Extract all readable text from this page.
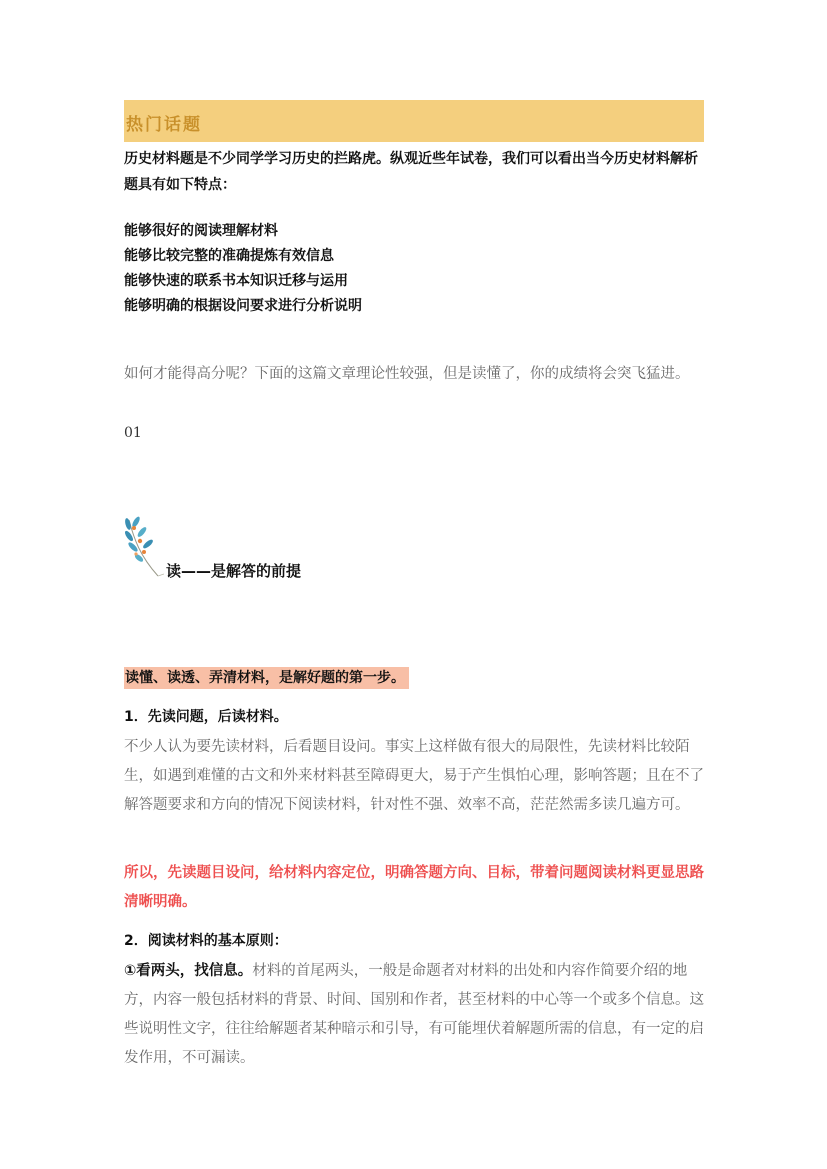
热门话题
历史材料题是不少同学学习历史的拦路虎。纵观近些年试卷，我们可以看出当今历史材料解析题具有如下特点：
能够很好的阅读理解材料
能够比较完整的准确提炼有效信息
能够快速的联系书本知识迁移与运用
能够明确的根据设问要求进行分析说明
如何才能得高分呢？下面的这篇文章理论性较强，但是读懂了，你的成绩将会突飞猛进。
01
读——是解答的前提
读懂、读透、弄清材料，是解好题的第一步。
1．先读问题，后读材料。
不少人认为要先读材料，后看题目设问。事实上这样做有很大的局限性，先读材料比较陌生，如遇到难懂的古文和外来材料甚至障碍更大，易于产生惧怕心理，影响答题；且在不了解答题要求和方向的情况下阅读材料，针对性不强、效率不高，茫茫然需多读几遍方可。
所以，先读题目设问，给材料内容定位，明确答题方向、目标，带着问题阅读材料更显思路清晰明确。
2．阅读材料的基本原则：
①看两头，找信息。材料的首尾两头，一般是命题者对材料的出处和内容作简要介绍的地方，内容一般包括材料的背景、时间、国别和作者，甚至材料的中心等一个或多个信息。这些说明性文字，往往给解题者某种暗示和引导，有可能埋伏着解题所需的信息，有一定的启发作用，不可漏读。
